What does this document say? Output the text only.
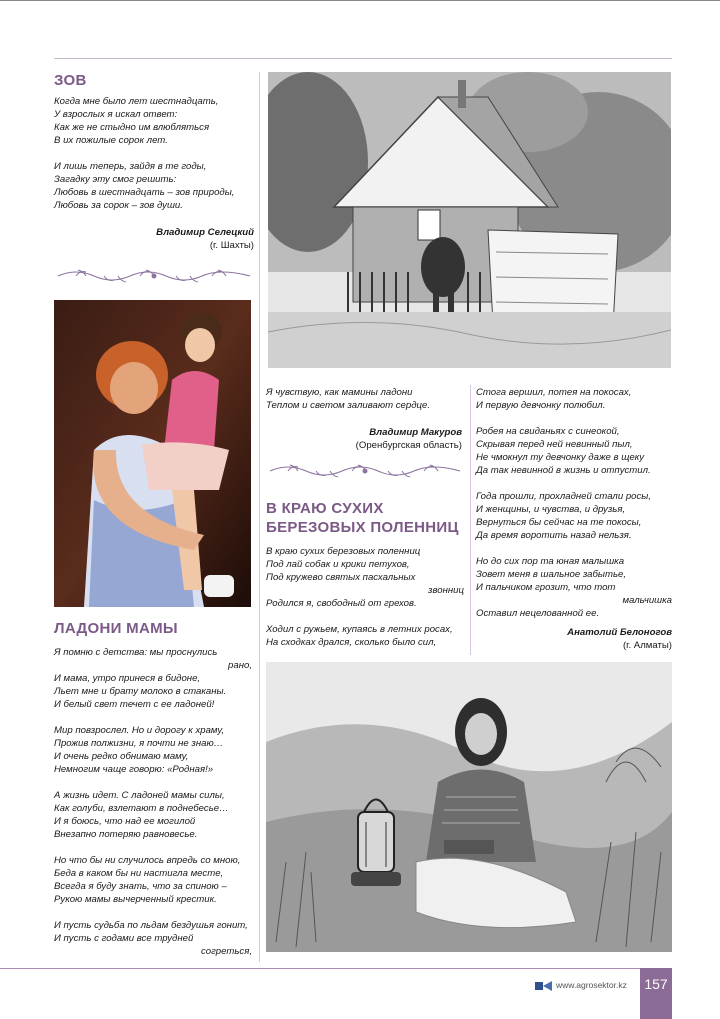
ЗОВ

Когда мне было лет шестнадцать,

У взрослых я искал ответ:

Как же не стыдно им влюбляться

В их пожилые сорок лет.

И лишь теперь, зайдя в те годы,

Загадку эту смог решить:

Любовь в шестнадцать – зов природы,

Любовь за сорок – зов души.

Владимир Селецкий

(г. Шахты)

ЛАДОНИ МАМЫ

Я помню с детства: мы проснулись

рано,

И мама, утро принеся в бидоне,

Льет мне и брату молоко в стаканы.

И белый свет течет с ее ладоней!

Мир повзрослел. Но и дорогу к храму,

Прожив полжизни, я почти не знаю…

И очень редко обнимаю маму,

Немногим чаще говорю: «Родная!»

А жизнь идет. С ладоней мамы силы,

Как голуби, взлетают в поднебесье…

И я боюсь, что над ее могилой

Внезапно потеряю равновесье.

Но что бы ни случилось впредь со мною,

Беда в каком бы ни настигла месте,

Всегда я буду знать, что за спиною –

Рукою мамы вычерченный крестик.

И пусть судьба по льдам бездушья гонит,

И пусть с годами все трудней

согреться,

Я чувствую, как мамины ладони

Теплом и светом заливают сердце.

Владимир Макуров

(Оренбургская область)

В КРАЮ СУХИХ
БЕРЕЗОВЫХ ПОЛЕННИЦ

В краю сухих березовых поленниц

Под лай собак и крики петухов,

Под кружево святых пасхальных

звонниц

Родился я, свободный от грехов.

Ходил с ружьем, купаясь в летних росах,

На сходках дрался, сколько было сил,

Стога вершил, потея на покосах,

И первую девчонку полюбил.

Робея на свиданьях с синеокой,

Скрывая перед ней невинный пыл,

Не чмокнул ту девчонку даже в щеку

Да так невинной в жизнь и отпустил.

Года прошли, прохладней стали росы,

И женщины, и чувства, и друзья,

Вернуться бы сейчас на те покосы,

Да время воротить назад нельзя.

Но до сих пор та юная малышка

Зовет меня в шальное забытье,

И пальчиком грозит, что тот

мальчишка

Оставил нецелованной ее.

Анатолий Белоногов

(г. Алматы)

www.agrosektor.kz	157
